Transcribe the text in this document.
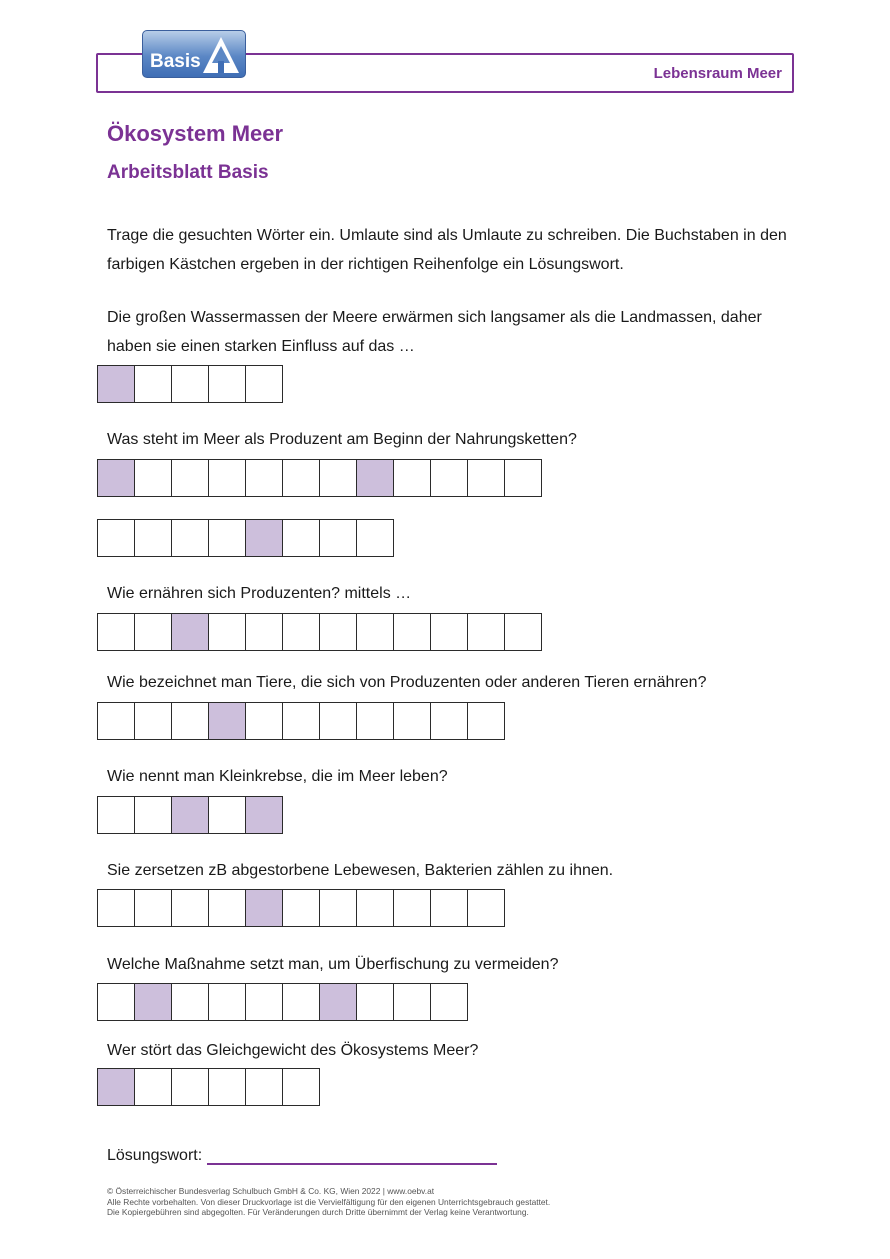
Lebensraum Meer
Basis
Ökosystem Meer
Arbeitsblatt Basis

Trage die gesuchten Wörter ein. Umlaute sind als Umlaute zu schreiben. Die Buchstaben in den farbigen Kästchen ergeben in der richtigen Reihenfolge ein Lösungswort.

Die großen Wassermassen der Meere erwärmen sich langsamer als die Landmassen, daher haben sie einen starken Einfluss auf das …

Was steht im Meer als Produzent am Beginn der Nahrungsketten?

Wie ernähren sich Produzenten? mittels …

Wie bezeichnet man Tiere, die sich von Produzenten oder anderen Tieren ernähren?

Wie nennt man Kleinkrebse, die im Meer leben?

Sie zersetzen zB abgestorbene Lebewesen, Bakterien zählen zu ihnen.

Welche Maßnahme setzt man, um Überfischung zu vermeiden?

Wer stört das Gleichgewicht des Ökosystems Meer?

Lösungswort:
© Österreichischer Bundesverlag Schulbuch GmbH & Co. KG, Wien 2022 | www.oebv.at
Alle Rechte vorbehalten. Von dieser Druckvorlage ist die Vervielfältigung für den eigenen Unterrichtsgebrauch gestattet.
Die Kopiergebühren sind abgegolten. Für Veränderungen durch Dritte übernimmt der Verlag keine Verantwortung.
